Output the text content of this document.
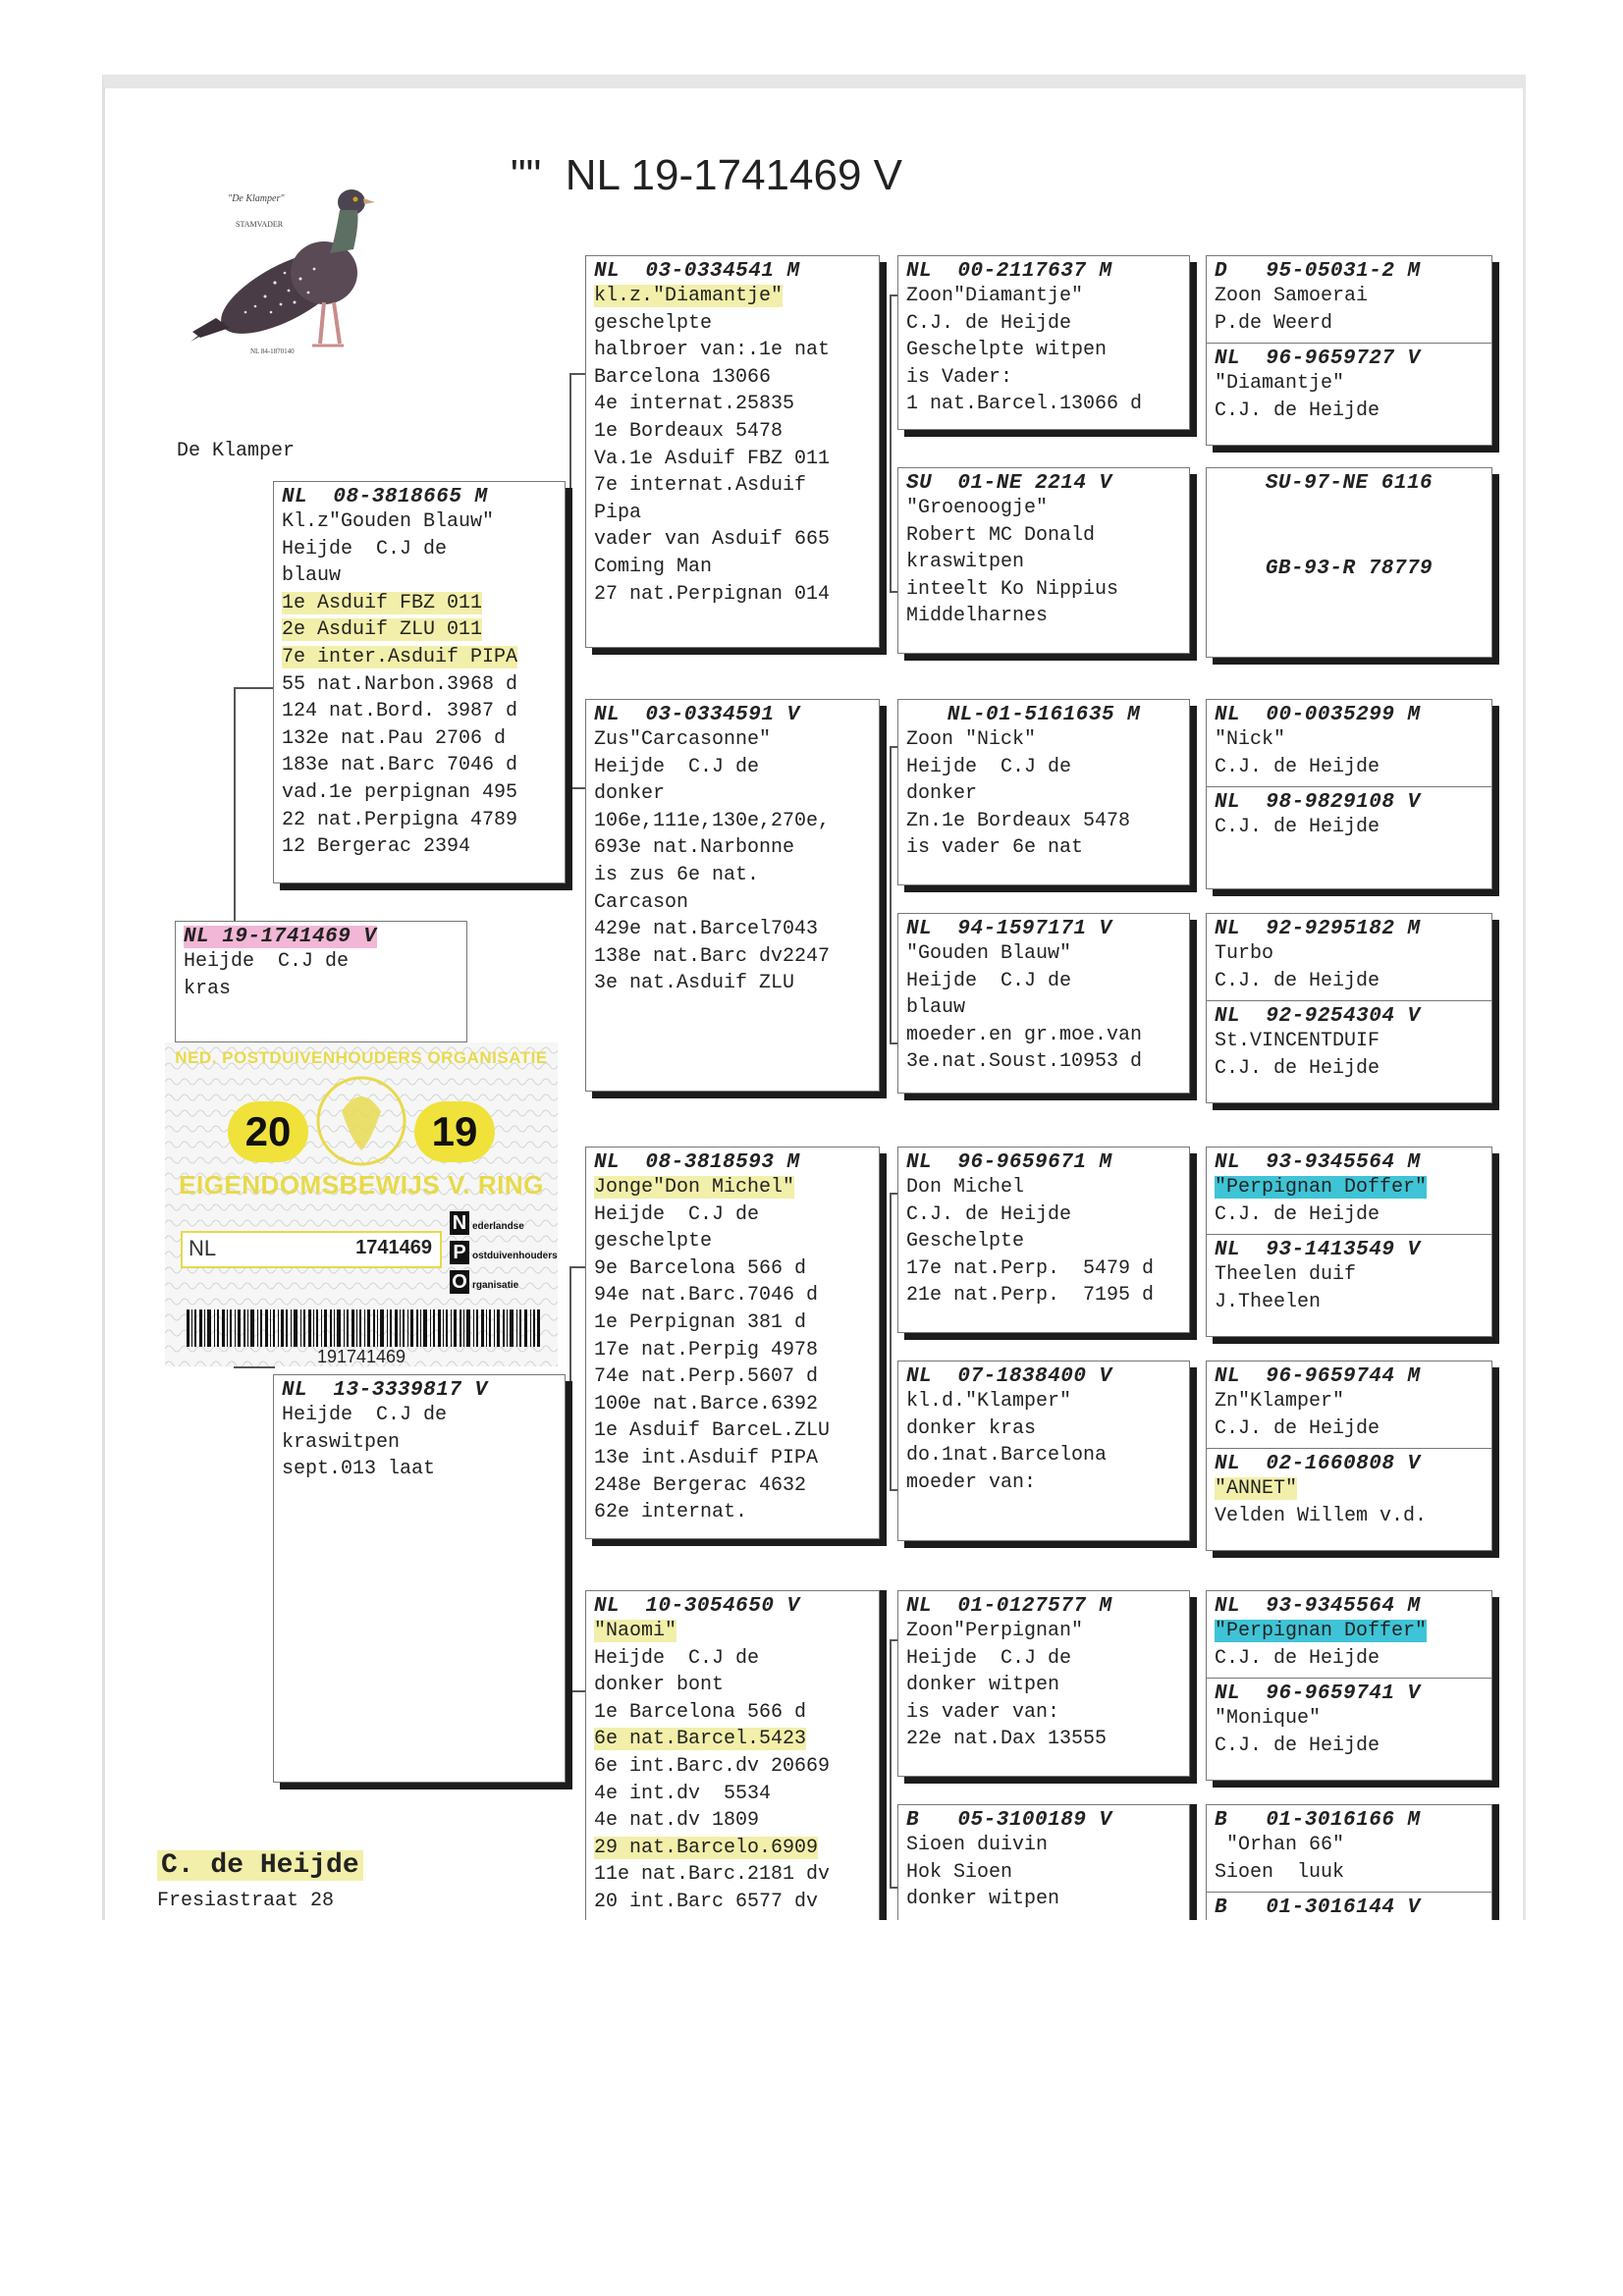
"" NL 19-1741469 V
"De Klamper"
STAMVADER
NL 84-1870140
De Klamper
NL 19-1741469 V
Heijde  C.J de
kras
NED. POSTDUIVENHOUDERS ORGANISATIE
20	19
EIGENDOMSBEWIJS V. RING
NL	1741469
N ederlandse
P ostduivenhouders
O rganisatie
191741469
NL  08-3818665 M
Kl.z"Gouden Blauw"
Heijde  C.J de
blauw
1e Asduif FBZ 011
2e Asduif ZLU 011
7e inter.Asduif PIPA
55 nat.Narbon.3968 d
124 nat.Bord. 3987 d
132e nat.Pau 2706 d
183e nat.Barc 7046 d
vad.1e perpignan 495
22 nat.Perpigna 4789
12 Bergerac 2394
NL  13-3339817 V
Heijde  C.J de
kraswitpen
sept.013 laat
NL  03-0334541 M
kl.z."Diamantje"
geschelpte
halbroer van:.1e nat
Barcelona 13066
4e internat.25835
1e Bordeaux 5478
Va.1e Asduif FBZ 011
7e internat.Asduif
Pipa
vader van Asduif 665
Coming Man
27 nat.Perpignan 014
NL  03-0334591 V
Zus"Carcasonne"
Heijde  C.J de
donker
106e,111e,130e,270e,
693e nat.Narbonne
is zus 6e nat.
Carcason
429e nat.Barcel7043
138e nat.Barc dv2247
3e nat.Asduif ZLU
NL  08-3818593 M
Jonge"Don Michel"
Heijde  C.J de
geschelpte
9e Barcelona 566 d
94e nat.Barc.7046 d
1e Perpignan 381 d
17e nat.Perpig 4978
74e nat.Perp.5607 d
100e nat.Barce.6392
1e Asduif BarceL.ZLU
13e int.Asduif PIPA
248e Bergerac 4632
62e internat.
NL  10-3054650 V
"Naomi"
Heijde  C.J de
donker bont
1e Barcelona 566 d
6e nat.Barcel.5423
6e int.Barc.dv 20669
4e int.dv  5534
4e nat.dv 1809
29 nat.Barcelo.6909
11e nat.Barc.2181 dv
20 int.Barc 6577 dv
NL  00-2117637 M
Zoon"Diamantje"
C.J. de Heijde
Geschelpte witpen
is Vader:
1 nat.Barcel.13066 d
SU  01-NE 2214 V
"Groenoogje"
Robert MC Donald
kraswitpen
inteelt Ko Nippius
Middelharnes
NL-01-5161635 M
Zoon "Nick"
Heijde  C.J de
donker
Zn.1e Bordeaux 5478
is vader 6e nat
NL  94-1597171 V
"Gouden Blauw"
Heijde  C.J de
blauw
moeder.en gr.moe.van
3e.nat.Soust.10953 d
NL  96-9659671 M
Don Michel
C.J. de Heijde
Geschelpte
17e nat.Perp.  5479 d
21e nat.Perp.  7195 d
NL  07-1838400 V
kl.d."Klamper"
donker kras
do.1nat.Barcelona
moeder van:
NL  01-0127577 M
Zoon"Perpignan"
Heijde  C.J de
donker witpen
is vader van:
22e nat.Dax 13555
B   05-3100189 V
Sioen duivin
Hok Sioen
donker witpen
D   95-05031-2 M
Zoon Samoerai
P.de Weerd
NL  96-9659727 V
"Diamantje"
C.J. de Heijde
SU-97-NE 6116
GB-93-R 78779
NL  00-0035299 M
"Nick"
C.J. de Heijde
NL  98-9829108 V
C.J. de Heijde
NL  92-9295182 M
Turbo
C.J. de Heijde
NL  92-9254304 V
St.VINCENTDUIF
C.J. de Heijde
NL  93-9345564 M
"Perpignan Doffer"
C.J. de Heijde
NL  93-1413549 V
Theelen duif
J.Theelen
NL  96-9659744 M
Zn"Klamper"
C.J. de Heijde
NL  02-1660808 V
"ANNET"
Velden Willem v.d.
NL  93-9345564 M
"Perpignan Doffer"
C.J. de Heijde
NL  96-9659741 V
"Monique"
C.J. de Heijde
B   01-3016166 M
"Orhan 66"
Sioen  luuk
B   01-3016144 V
C. de Heijde
Fresiastraat 28
